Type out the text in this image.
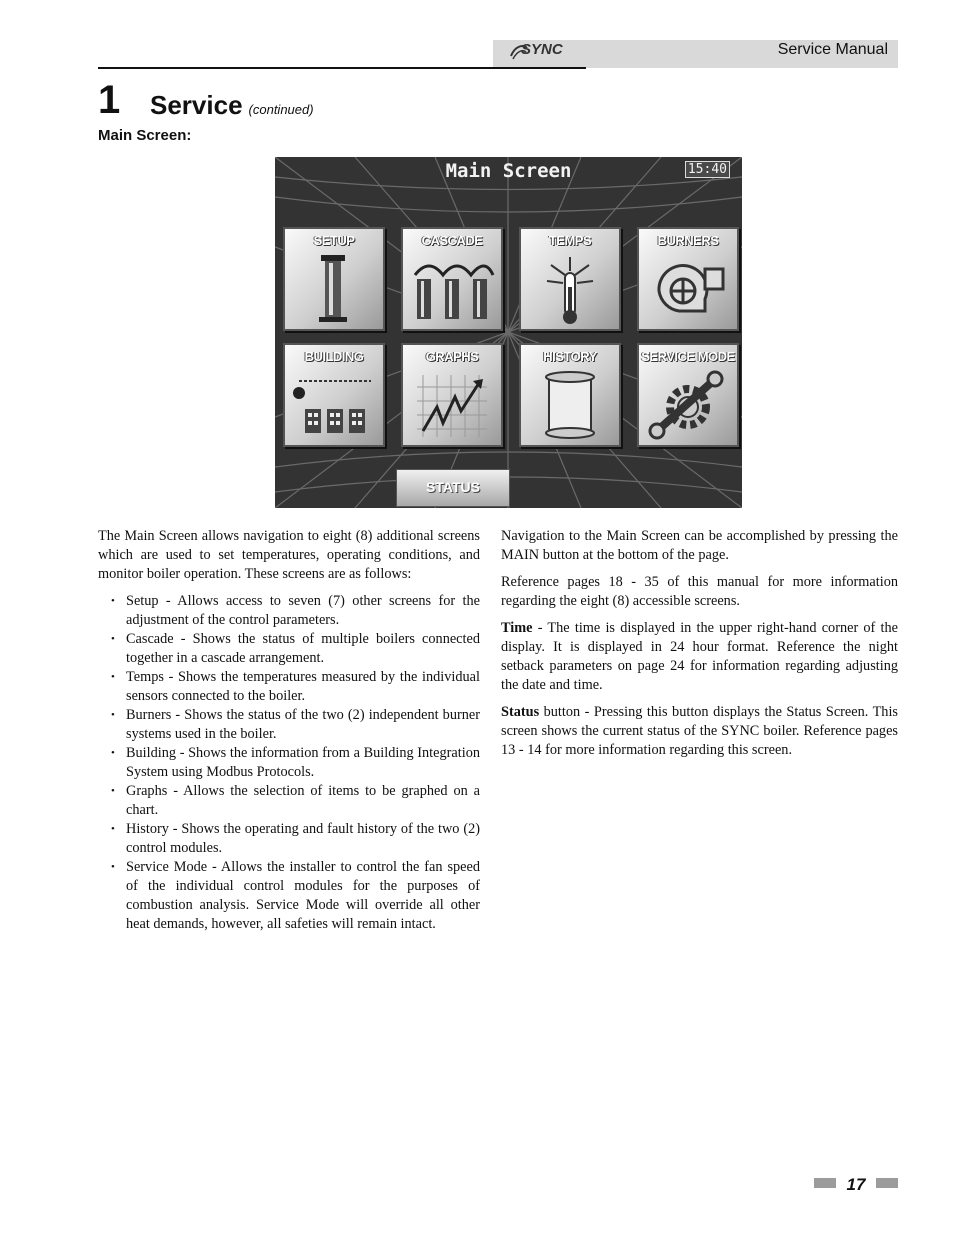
SYNC	Service Manual
1 Service (continued)
Main Screen:
Main Screen	15:40
SETUP	CASCADE	TEMPS	BURNERS
BUILDING	GRAPHS	HISTORY	SERVICE MODE
STATUS

The Main Screen allows navigation to eight (8) additional screens which are used to set temperatures, operating conditions, and monitor boiler operation. These screens are as follows:

• Setup - Allows access to seven (7) other screens for the adjustment of the control parameters.
• Cascade - Shows the status of multiple boilers connected together in a cascade arrangement.
• Temps - Shows the temperatures measured by the individual sensors connected to the boiler.
• Burners - Shows the status of the two (2) independent burner systems used in the boiler.
• Building - Shows the information from a Building Integration System using Modbus Protocols.
• Graphs - Allows the selection of items to be graphed on a chart.
• History - Shows the operating and fault history of the two (2) control modules.
• Service Mode - Allows the installer to control the fan speed of the individual control modules for the purposes of combustion analysis. Service Mode will override all other heat demands, however, all safeties will remain intact.

Navigation to the Main Screen can be accomplished by pressing the MAIN button at the bottom of the page.

Reference pages 18 - 35 of this manual for more information regarding the eight (8) accessible screens.

Time - The time is displayed in the upper right-hand corner of the display. It is displayed in 24 hour format. Reference the night setback parameters on page 24 for information regarding adjusting the date and time.

Status button - Pressing this button displays the Status Screen. This screen shows the current status of the SYNC boiler. Reference pages 13 - 14 for more information regarding this screen.

17
